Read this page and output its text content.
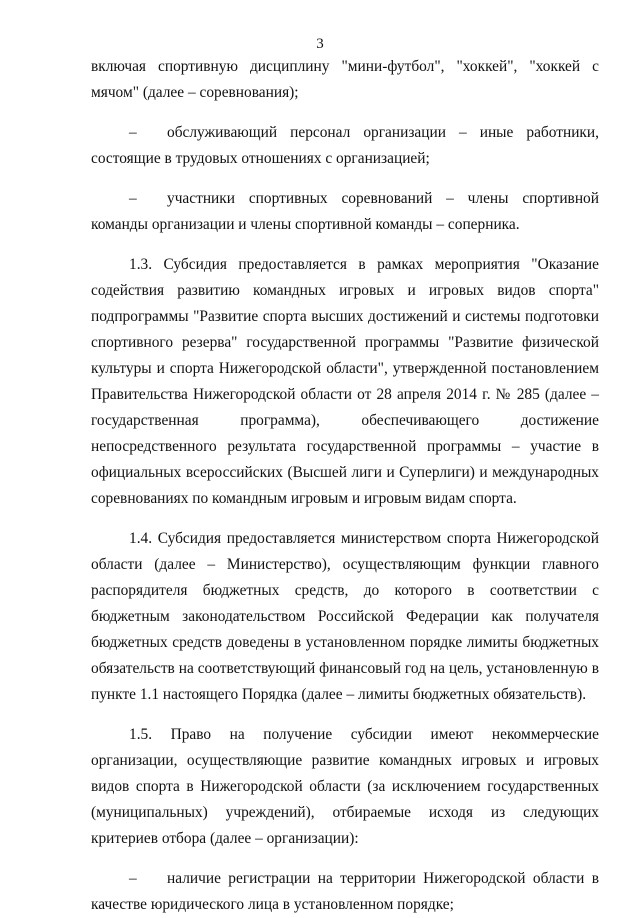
3

включая спортивную дисциплину "мини-футбол", "хоккей", "хоккей с мячом" (далее – соревнования);

– обслуживающий персонал организации – иные работники, состоящие в трудовых отношениях с организацией;

– участники спортивных соревнований – члены спортивной команды организации и члены спортивной команды – соперника.

1.3. Субсидия предоставляется в рамках мероприятия "Оказание содействия развитию командных игровых и игровых видов спорта" подпрограммы "Развитие спорта высших достижений и системы подготовки спортивного резерва" государственной программы "Развитие физической культуры и спорта Нижегородской области", утвержденной постановлением Правительства Нижегородской области от 28 апреля 2014 г. № 285 (далее – государственная программа), обеспечивающего достижение непосредственного результата государственной программы – участие в официальных всероссийских (Высшей лиги и Суперлиги) и международных соревнованиях по командным игровым и игровым видам спорта.

1.4. Субсидия предоставляется министерством спорта Нижегородской области (далее – Министерство), осуществляющим функции главного распорядителя бюджетных средств, до которого в соответствии с бюджетным законодательством Российской Федерации как получателя бюджетных средств доведены в установленном порядке лимиты бюджетных обязательств на соответствующий финансовый год на цель, установленную в пункте 1.1 настоящего Порядка (далее – лимиты бюджетных обязательств).

1.5. Право на получение субсидии имеют некоммерческие организации, осуществляющие развитие командных игровых и игровых видов спорта в Нижегородской области (за исключением государственных (муниципальных) учреждений), отбираемые исходя из следующих критериев отбора (далее – организации):

– наличие регистрации на территории Нижегородской области в качестве юридического лица в установленном порядке;
